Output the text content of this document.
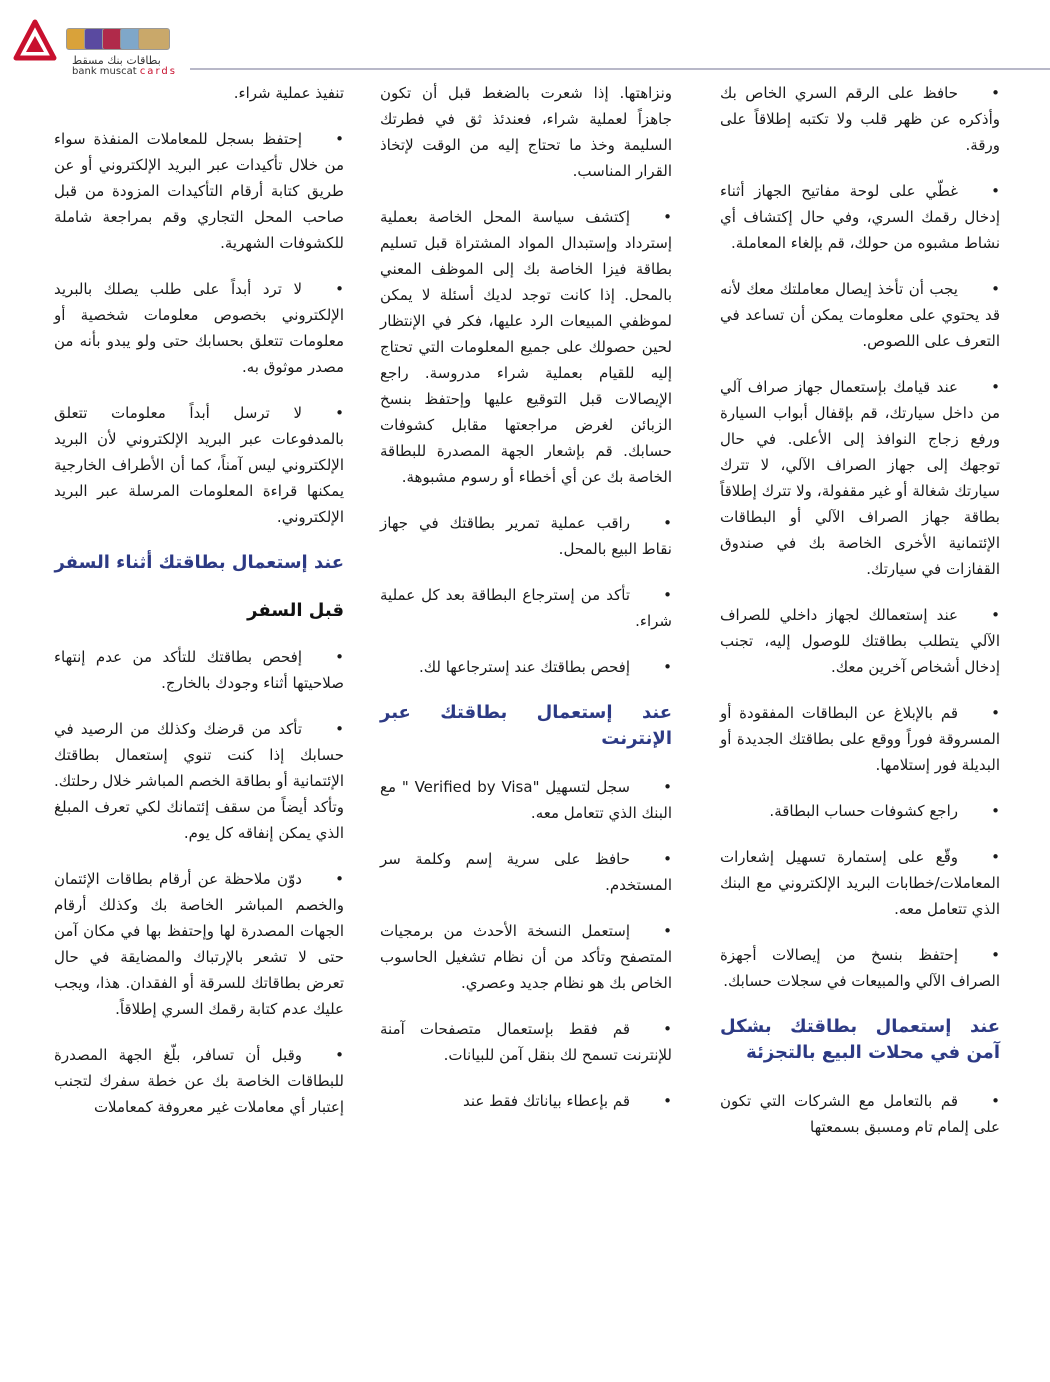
بطاقات بنك مسقط
bank muscat cards

• حافظ على الرقم السري الخاص بك وأذكره عن ظهر قلب ولا تكتبه إطلاقاً على ورقة.

• غطّي على لوحة مفاتيح الجهاز أثناء إدخال رقمك السري، وفي حال إكتشاف أي نشاط مشبوه من حولك، قم بإلغاء المعاملة.

• يجب أن تأخذ إيصال معاملتك معك لأنه قد يحتوي على معلومات يمكن أن تساعد في التعرف على اللصوص.

• عند قيامك بإستعمال جهاز صراف آلي من داخل سيارتك، قم بإقفال أبواب السيارة ورفع زجاج النوافذ إلى الأعلى. في حال توجهك إلى جهاز الصراف الآلي، لا تترك سيارتك شغالة أو غير مقفولة، ولا تترك إطلاقاً بطاقة جهاز الصراف الآلي أو البطاقات الإئتمانية الأخرى الخاصة بك في صندوق القفازات في سيارتك.

• عند إستعمالك لجهاز داخلي للصراف الآلي يتطلب بطاقتك للوصول إليه، تجنب إدخال أشخاص آخرين معك.

• قم بالإبلاغ عن البطاقات المفقودة أو المسروقة فوراً ووقع على بطاقتك الجديدة أو البديلة فور إستلامها.

• راجع كشوفات حساب البطاقة.

• وقّع على إستمارة تسهيل إشعارات المعاملات/خطابات البريد الإلكتروني مع البنك الذي تتعامل معه.

• إحتفظ بنسخ من إيصالات أجهزة الصراف الآلي والمبيعات في سجلات حسابك.

عند إستعمال بطاقتك بشكل آمن في محلات البيع بالتجزئة

• قم بالتعامل مع الشركات التي تكون على إلمام تام ومسبق بسمعتها

ونزاهتها. إذا شعرت بالضغط قبل أن تكون جاهزاً لعملية شراء، فعندئذ ثق في فطرتك السليمة وخذ ما تحتاج إليه من الوقت لإتخاذ القرار المناسب.

• إكتشف سياسة المحل الخاصة بعملية إسترداد وإستبدال المواد المشتراة قبل تسليم بطاقة فيزا الخاصة بك إلى الموظف المعني بالمحل. إذا كانت توجد لديك أسئلة لا يمكن لموظفي المبيعات الرد عليها، فكر في الإنتظار لحين حصولك على جميع المعلومات التي تحتاج إليه للقيام بعملية شراء مدروسة. راجع الإيصالات قبل التوقيع عليها وإحتفظ بنسخ الزبائن لغرض مراجعتها مقابل كشوفات حسابك. قم بإشعار الجهة المصدرة للبطاقة الخاصة بك عن أي أخطاء أو رسوم مشبوهة.

• راقب عملية تمرير بطاقتك في جهاز نقاط البيع بالمحل.

• تأكد من إسترجاع البطاقة بعد كل عملية شراء.

• إفحص بطاقتك عند إسترجاعها لك.

عند إستعمال بطاقتك عبر الإنترنت

• سجل لتسهيل "Verified by Visa " مع البنك الذي تتعامل معه.

• حافظ على سرية إسم وكلمة سر المستخدم.

• إستعمل النسخة الأحدث من برمجيات المتصفح وتأكد من أن نظام تشغيل الحاسوب الخاص بك هو نظام جديد وعصري.

• قم فقط بإستعمال متصفحات آمنة للإنترنت تسمح لك بنقل آمن للبيانات.

• قم بإعطاء بياناتك فقط عند

تنفيذ عملية شراء.

• إحتفظ بسجل للمعاملات المنفذة سواء من خلال تأكيدات عبر البريد الإلكتروني أو عن طريق كتابة أرقام التأكيدات المزودة من قبل صاحب المحل التجاري وقم بمراجعة شاملة للكشوفات الشهرية.

• لا ترد أبداً على طلب يصلك بالبريد الإلكتروني بخصوص معلومات شخصية أو معلومات تتعلق بحسابك حتى ولو يبدو بأنه من مصدر موثوق به.

• لا ترسل أبداً معلومات تتعلق بالمدفوعات عبر البريد الإلكتروني لأن البريد الإلكتروني ليس آمناً، كما أن الأطراف الخارجية يمكنها قراءة المعلومات المرسلة عبر البريد الإلكتروني.

عند إستعمال بطاقتك أثناء السفر
قبل السفر

• إفحص بطاقتك للتأكد من عدم إنتهاء صلاحيتها أثناء وجودك بالخارج.

• تأكد من قرضك وكذلك من الرصيد في حسابك إذا كنت تنوي إستعمال بطاقتك الإئتمانية أو بطاقة الخصم المباشر خلال رحلتك. وتأكد أيضاً من سقف إئتمانك لكي تعرف المبلغ الذي يمكن إنفاقه كل يوم.

• دوّن ملاحظة عن أرقام بطاقات الإئتمان والخصم المباشر الخاصة بك وكذلك أرقام الجهات المصدرة لها وإحتفظ بها في مكان آمن حتى لا تشعر بالإرتباك والمضايقة في حال تعرض بطاقاتك للسرقة أو الفقدان. هذا، ويجب عليك عدم كتابة رقمك السري إطلاقاً.

• وقبل أن تسافر، بلّغ الجهة المصدرة للبطاقات الخاصة بك عن خطة سفرك لتجنب إعتبار أي معاملات غير معروفة كمعاملات
